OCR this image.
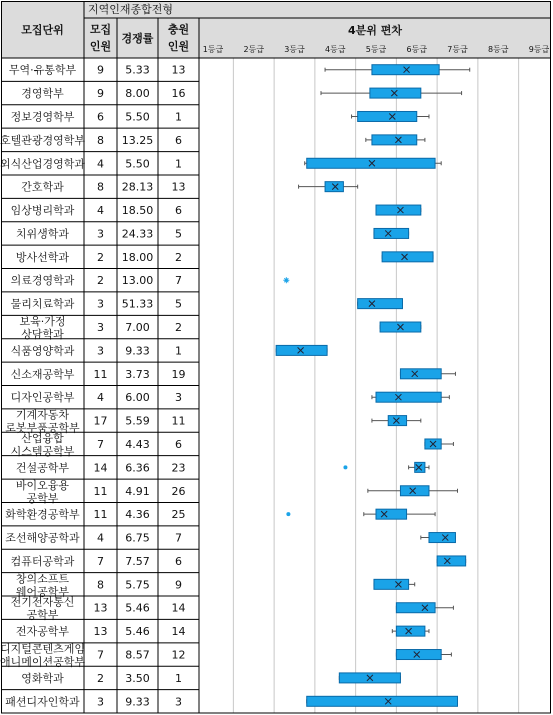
모집단위
지역인재종합전형
모집
인원
경쟁률
충원
인원
4분위 편차
1등급	2등급	3등급	4등급	5등급	6등급	7등급	8등급	9등급
무역·유통학부 9 5.33 13
경영학부	9 8.00 16
정보경영학부 6 5.50 1
호텔관광경영학부 8 13.25 6
외식산업경영학과 4 5.50 1
간호학과	8 28.13 13
임상병리학과 4 18.50 6
치위생학과	3 24.33 5
방사선학과	2 18.00 2
의료경영학과 2 13.00 7
물리치료학과 3 51.33 5
보육·가정
상담학과
3 7.00 2
식품영양학과 3 9.33 1
신소재공학부 11 3.73 19
디자인공학부 4 6.00 3
기계자동차
로봇부품공학부
17 5.59 11
산업융합
시스템공학부
7 4.43 6
건설공학부 14 6.36 23
바이오융용
공학부
11 4.91 26
화학환경공학부 11 4.36 25
조선해양공학과 4 6.75 7
컴퓨터공학과 7 7.57 6
창의소프트
웨어공학부
8 5.75 9
전기전자통신
공학부
13 5.46 14
전자공학부 13 5.46 14
디지털콘텐츠게임
애니메이션공학부
7 8.57 12
영화학과	2 3.50 1
패션디자인학과 3 9.33 3
